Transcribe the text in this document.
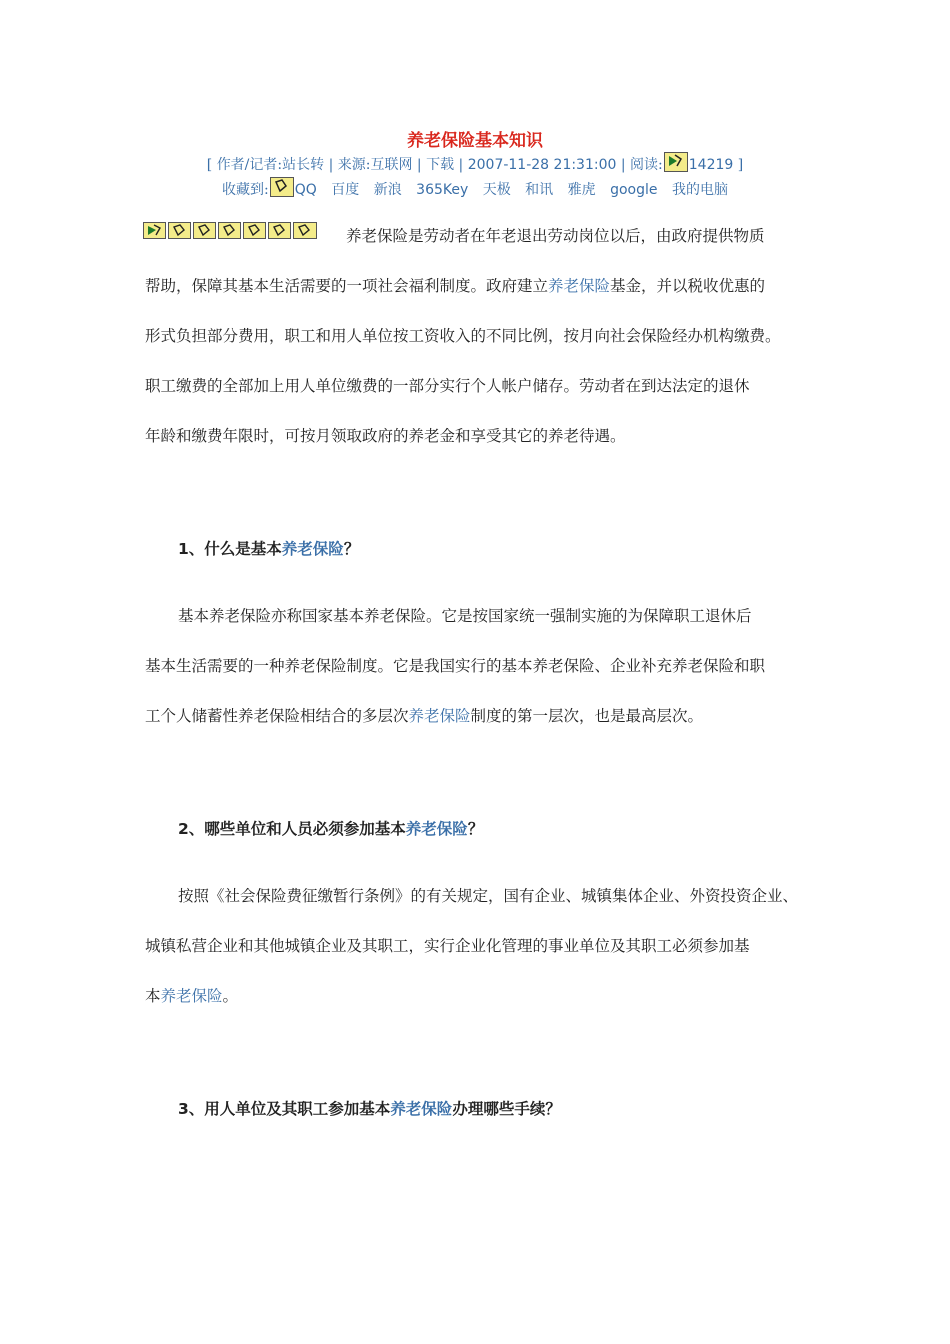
养老保险基本知识
[ 作者/记者:站长转 | 来源:互联网 | 下载 | 2007-11-28 21:31:00 | 阅读: 14219 ]
收藏到: QQ 百度 新浪 365Key 天极 和讯 雅虎 google 我的电脑
养老保险是劳动者在年老退出劳动岗位以后，由政府提供物质
帮助，保障其基本生活需要的一项社会福利制度。政府建立养老保险基金，并以税收优惠的
形式负担部分费用，职工和用人单位按工资收入的不同比例，按月向社会保险经办机构缴费。
职工缴费的全部加上用人单位缴费的一部分实行个人帐户储存。劳动者在到达法定的退休
年龄和缴费年限时，可按月领取政府的养老金和享受其它的养老待遇。
1、什么是基本养老保险？
基本养老保险亦称国家基本养老保险。它是按国家统一强制实施的为保障职工退休后
基本生活需要的一种养老保险制度。它是我国实行的基本养老保险、企业补充养老保险和职
工个人储蓄性养老保险相结合的多层次养老保险制度的第一层次，也是最高层次。
2、哪些单位和人员必须参加基本养老保险？
按照《社会保险费征缴暂行条例》的有关规定，国有企业、城镇集体企业、外资投资企业、
城镇私营企业和其他城镇企业及其职工，实行企业化管理的事业单位及其职工必须参加基
本养老保险。
3、用人单位及其职工参加基本养老保险办理哪些手续？
